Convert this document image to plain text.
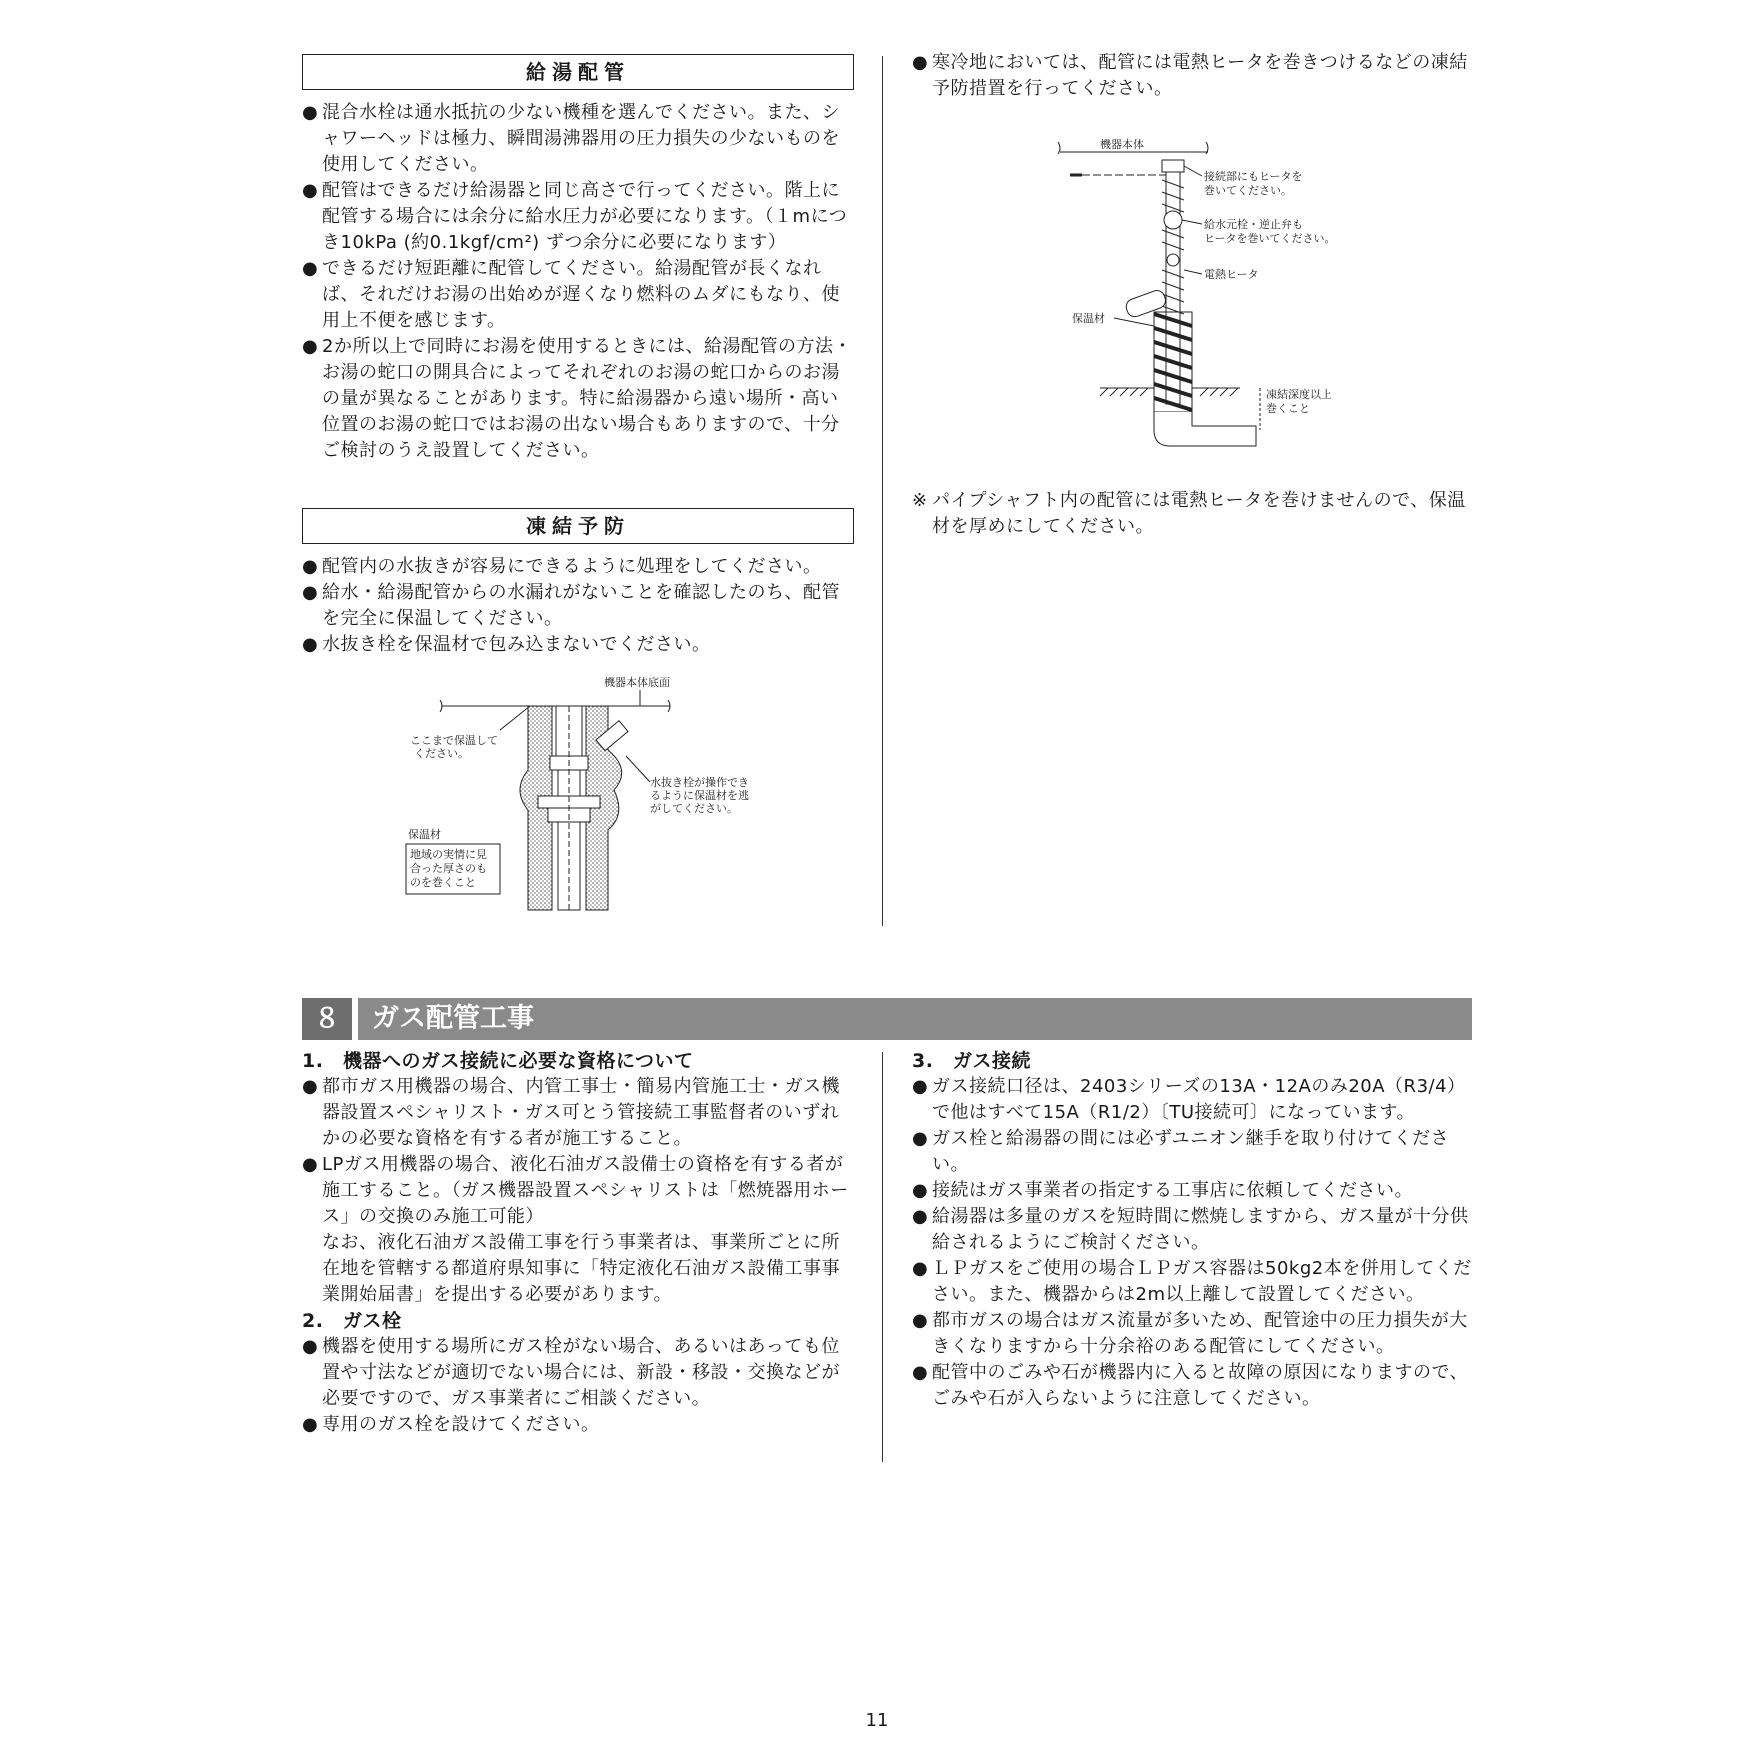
給湯配管

● 混合水栓は通水抵抗の少ない機種を選んでください。また、シャワーヘッドは極力、瞬間湯沸器用の圧力損失の少ないものを使用してください。

● 配管はできるだけ給湯器と同じ高さで行ってください。階上に配管する場合には余分に給水圧力が必要になります。（１mにつき10kPa (約0.1kgf/cm²) ずつ余分に必要になります）

● できるだけ短距離に配管してください。給湯配管が長くなれば、それだけお湯の出始めが遅くなり燃料のムダにもなり、使用上不便を感じます。

● 2か所以上で同時にお湯を使用するときには、給湯配管の方法・お湯の蛇口の開具合によってそれぞれのお湯の蛇口からのお湯の量が異なることがあります。特に給湯器から遠い場所・高い位置のお湯の蛇口ではお湯の出ない場合もありますので、十分ご検討のうえ設置してください。

凍結予防

● 配管内の水抜きが容易にできるように処理をしてください。

● 給水・給湯配管からの水漏れがないことを確認したのち、配管を完全に保温してください。

● 水抜き栓を保温材で包み込まないでください。

機器本体底面
ここまで保温してください。
水抜き栓が操作できるように保温材を逃がしてください。
保温材
地域の実情に見合った厚さのものを巻くこと

● 寒冷地においては、配管には電熱ヒータを巻きつけるなどの凍結予防措置を行ってください。

機器本体
凍結深度以上巻くこと
接続部にもヒータを巻いてください。
給水元栓・逆止弁もヒータを巻いてください。
電熱ヒータ
保温材

※ パイプシャフト内の配管には電熱ヒータを巻けませんので、保温材を厚めにしてください。

８	ガス配管工事

1.　機器へのガス接続に必要な資格について

● 都市ガス用機器の場合、内管工事士・簡易内管施工士・ガス機器設置スペシャリスト・ガス可とう管接続工事監督者のいずれかの必要な資格を有する者が施工すること。

● LPガス用機器の場合、液化石油ガス設備士の資格を有する者が施工すること。（ガス機器設置スペシャリストは「燃焼器用ホース」の交換のみ施工可能）

なお、液化石油ガス設備工事を行う事業者は、事業所ごとに所在地を管轄する都道府県知事に「特定液化石油ガス設備工事事業開始届書」を提出する必要があります。

2.　ガス栓

● 機器を使用する場所にガス栓がない場合、あるいはあっても位置や寸法などが適切でない場合には、新設・移設・交換などが必要ですので、ガス事業者にご相談ください。

● 専用のガス栓を設けてください。

3.　ガス接続

● ガス接続口径は、2403シリーズの13A・12Aのみ20A（R3/4）で他はすべて15A（R1/2）〔TU接続可〕になっています。

● ガス栓と給湯器の間には必ずユニオン継手を取り付けてください。

● 接続はガス事業者の指定する工事店に依頼してください。

● 給湯器は多量のガスを短時間に燃焼しますから、ガス量が十分供給されるようにご検討ください。

● ＬＰガスをご使用の場合ＬＰガス容器は50kg2本を併用してください。また、機器からは2m以上離して設置してください。

● 都市ガスの場合はガス流量が多いため、配管途中の圧力損失が大きくなりますから十分余裕のある配管にしてください。

● 配管中のごみや石が機器内に入ると故障の原因になりますので、ごみや石が入らないように注意してください。

11
